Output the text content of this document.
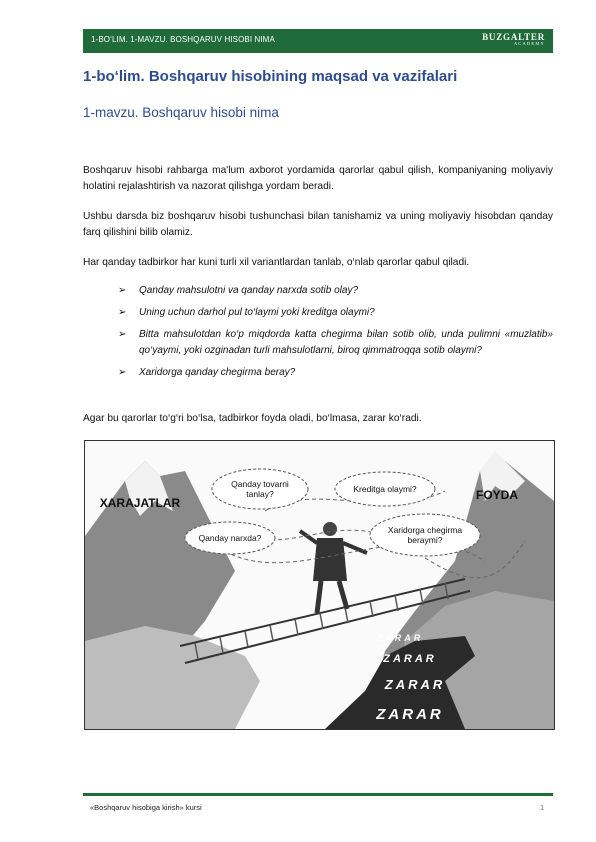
1-BO‘LIM. 1-MAVZU. BOSHQARUV HISOBI NIMA	BUZGALTER
ACADEMY
1-bo‘lim. Boshqaruv hisobining maqsad va vazifalari
1-mavzu. Boshqaruv hisobi nima
Boshqaruv hisobi rahbarga ma'lum axborot yordamida qarorlar qabul qilish, kompaniyaning moliyaviy holatini rejalashtirish va nazorat qilishga yordam beradi.
Ushbu darsda biz boshqaruv hisobi tushunchasi bilan tanishamiz va uning moliyaviy hisobdan qanday farq qilishini bilib olamiz.
Har qanday tadbirkor har kuni turli xil variantlardan tanlab, o‘nlab qarorlar qabul qiladi.
➢ Qanday mahsulotni va qanday narxda sotib olay?
➢ Uning uchun darhol pul to‘laymi yoki kreditga olaymi?
➢ Bitta mahsulotdan ko‘p miqdorda katta chegirma bilan sotib olib, unda pulimni «muzlatib» qo‘yaymi, yoki ozginadan turli mahsulotlarni, biroq qimmatroqqa sotib olaymi?
➢ Xaridorga qanday chegirma beray?
Agar bu qarorlar to‘g‘ri bo‘lsa, tadbirkor foyda oladi, bo‘lmasa, zarar ko‘radi.
Qanday tovarni
tanlay?	Kreditga olaymi?
Qanday narxda?
Xaridorga chegirma
beraymi?
XARAJATLAR
FOYDA
ZARAR
ZARAR
ZARAR
ZARAR
«Boshqaruv hisobiga kirish» kursi	1
